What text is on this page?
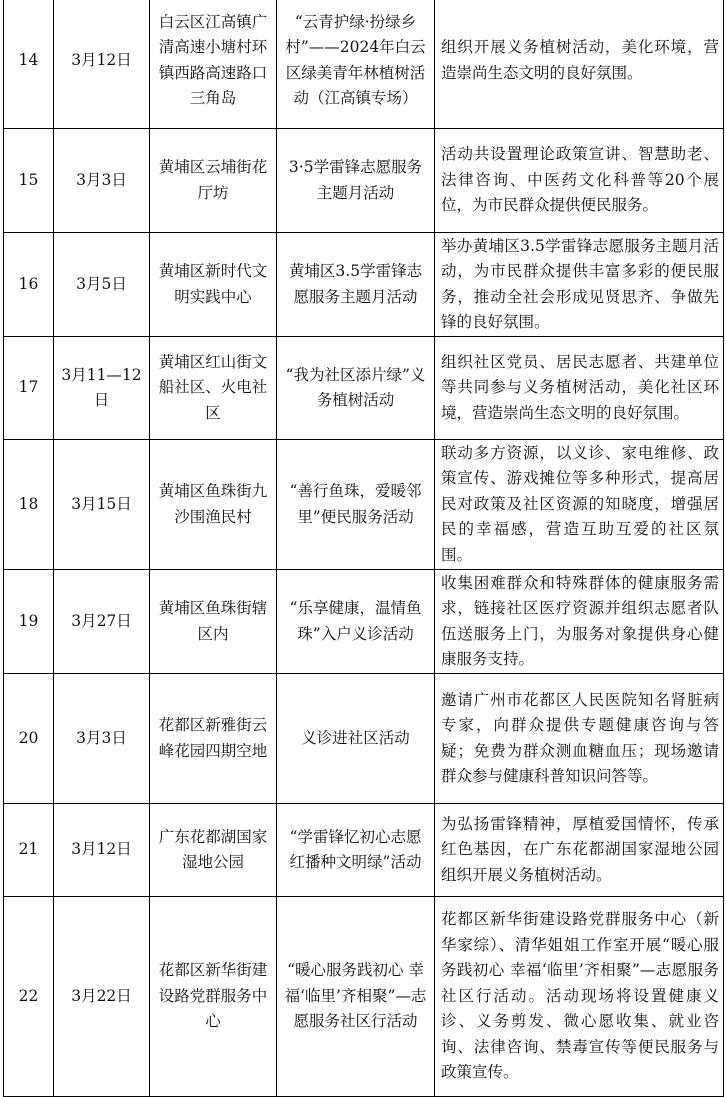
14	3月12日	白云区江高镇广清高速小塘村环镇西路高速路口三角岛	“云青护绿·扮绿乡村”——2024年白云区绿美青年林植树活动（江高镇专场）	组织开展义务植树活动，美化环境，营造崇尚生态文明的良好氛围。
15	3月3日	黄埔区云埔街花厅坊	3·5学雷锋志愿服务主题月活动	活动共设置理论政策宣讲、智慧助老、法律咨询、中医药文化科普等20个展位，为市民群众提供便民服务。
16	3月5日	黄埔区新时代文明实践中心	黄埔区3.5学雷锋志愿服务主题月活动	举办黄埔区3.5学雷锋志愿服务主题月活动，为市民群众提供丰富多彩的便民服务，推动全社会形成见贤思齐、争做先锋的良好氛围。
17	3月11—12日	黄埔区红山街文船社区、火电社区	“我为社区添片绿”义务植树活动	组织社区党员、居民志愿者、共建单位等共同参与义务植树活动，美化社区环境，营造崇尚生态文明的良好氛围。
18	3月15日	黄埔区鱼珠街九沙围渔民村	“善行鱼珠，爱暖邻里”便民服务活动	联动多方资源，以义诊、家电维修、政策宣传、游戏摊位等多种形式，提高居民对政策及社区资源的知晓度，增强居民的幸福感，营造互助互爱的社区氛围。
19	3月27日	黄埔区鱼珠街辖区内	“乐享健康，温情鱼珠”入户义诊活动	收集困难群众和特殊群体的健康服务需求，链接社区医疗资源并组织志愿者队伍送服务上门，为服务对象提供身心健康服务支持。
20	3月3日	花都区新雅街云峰花园四期空地	义诊进社区活动	邀请广州市花都区人民医院知名肾脏病专家，向群众提供专题健康咨询与答疑；免费为群众测血糖血压；现场邀请群众参与健康科普知识问答等。
21	3月12日	广东花都湖国家湿地公园	“学雷锋忆初心志愿红播种文明绿”活动	为弘扬雷锋精神，厚植爱国情怀，传承红色基因，在广东花都湖国家湿地公园组织开展义务植树活动。
22	3月22日	花都区新华街建设路党群服务中心	“暖心服务践初心 幸福‘临里’齐相聚”—志愿服务社区行活动	花都区新华街建设路党群服务中心（新华家综）、清华姐姐工作室开展“暖心服务践初心 幸福‘临里’齐相聚”—志愿服务社区行活动。活动现场将设置健康义诊、义务剪发、微心愿收集、就业咨询、法律咨询、禁毒宣传等便民服务与政策宣传。
